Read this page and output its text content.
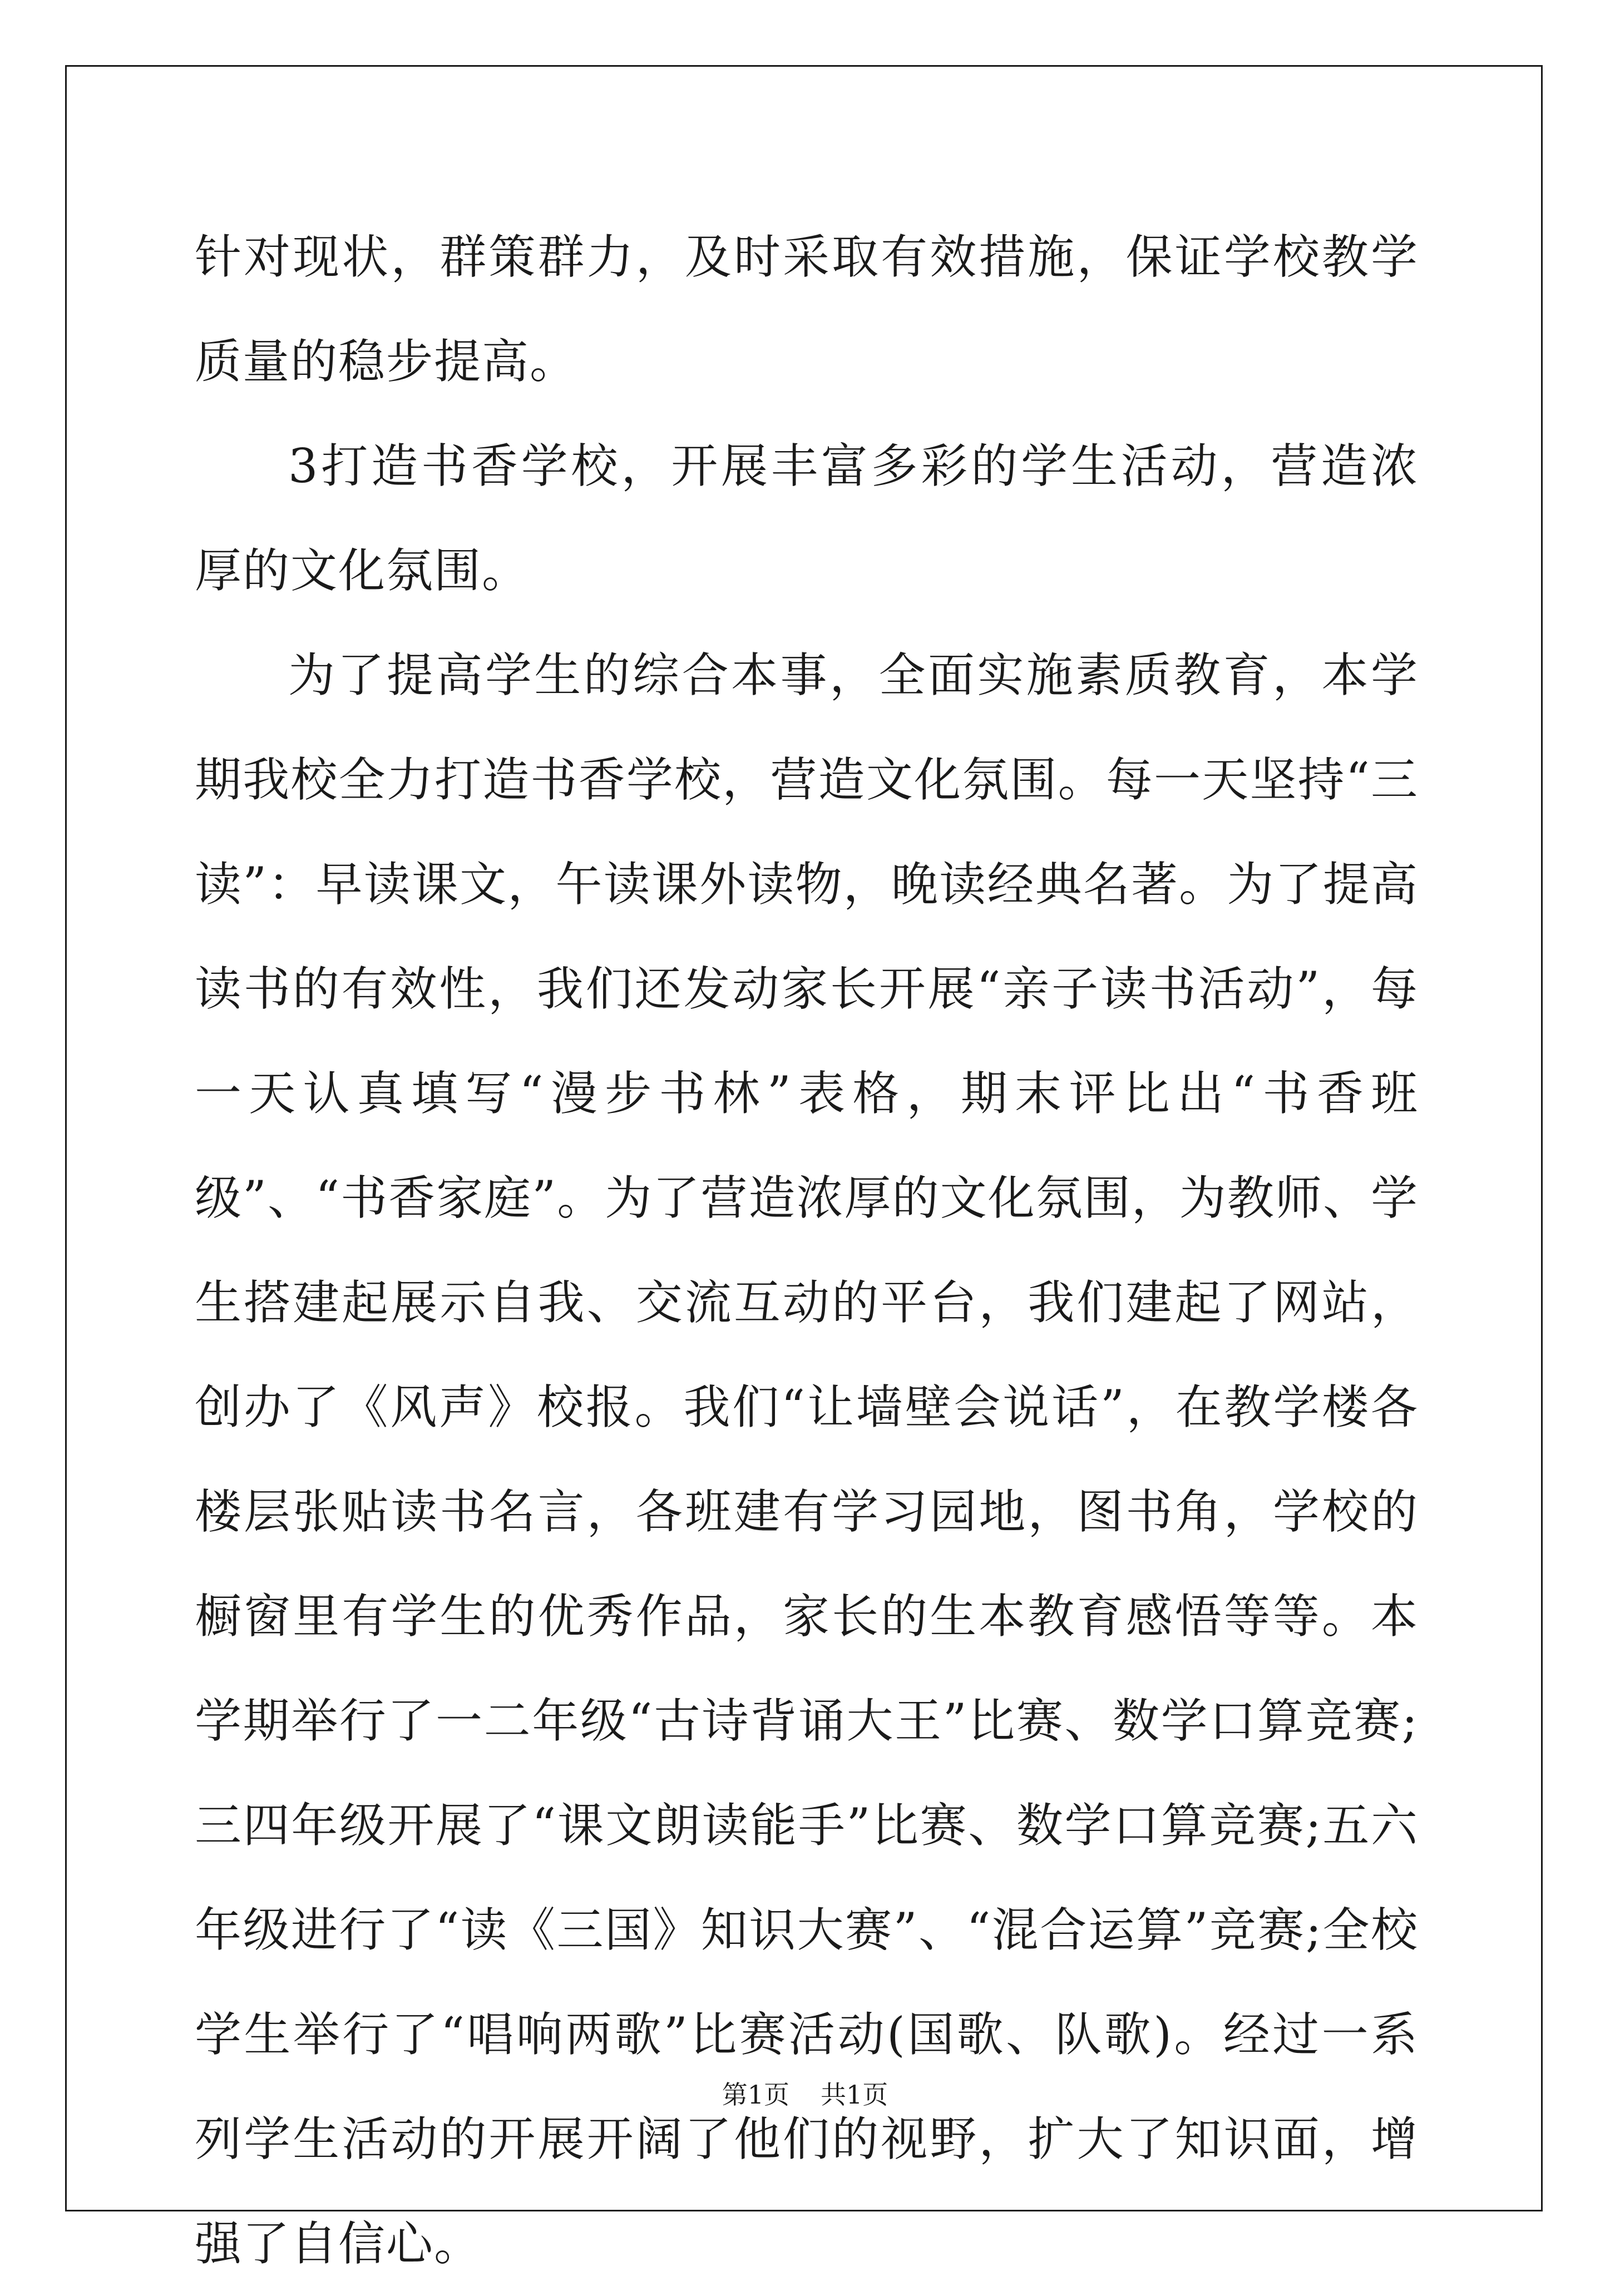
针对现状，群策群力，及时采取有效措施，保证学校教学质量的稳步提高。

3打造书香学校，开展丰富多彩的学生活动，营造浓厚的文化氛围。

为了提高学生的综合本事，全面实施素质教育，本学期我校全力打造书香学校，营造文化氛围。每一天坚持“三读”：早读课文，午读课外读物，晚读经典名著。为了提高读书的有效性，我们还发动家长开展“亲子读书活动”，每一天认真填写“漫步书林”表格，期末评比出“书香班级”、“书香家庭”。为了营造浓厚的文化氛围，为教师、学生搭建起展示自我、交流互动的平台，我们建起了网站，创办了《风声》校报。我们“让墙壁会说话”，在教学楼各楼层张贴读书名言，各班建有学习园地，图书角，学校的橱窗里有学生的优秀作品，家长的生本教育感悟等等。本学期举行了一二年级“古诗背诵大王”比赛、数学口算竞赛;三四年级开展了“课文朗读能手”比赛、数学口算竞赛;五六年级进行了“读《三国》知识大赛”、“混合运算”竞赛;全校学生举行了“唱响两歌”比赛活动(国歌、队歌)。经过一系列学生活动的开展开阔了他们的视野，扩大了知识面，增强了自信心。

第1页 共1页
